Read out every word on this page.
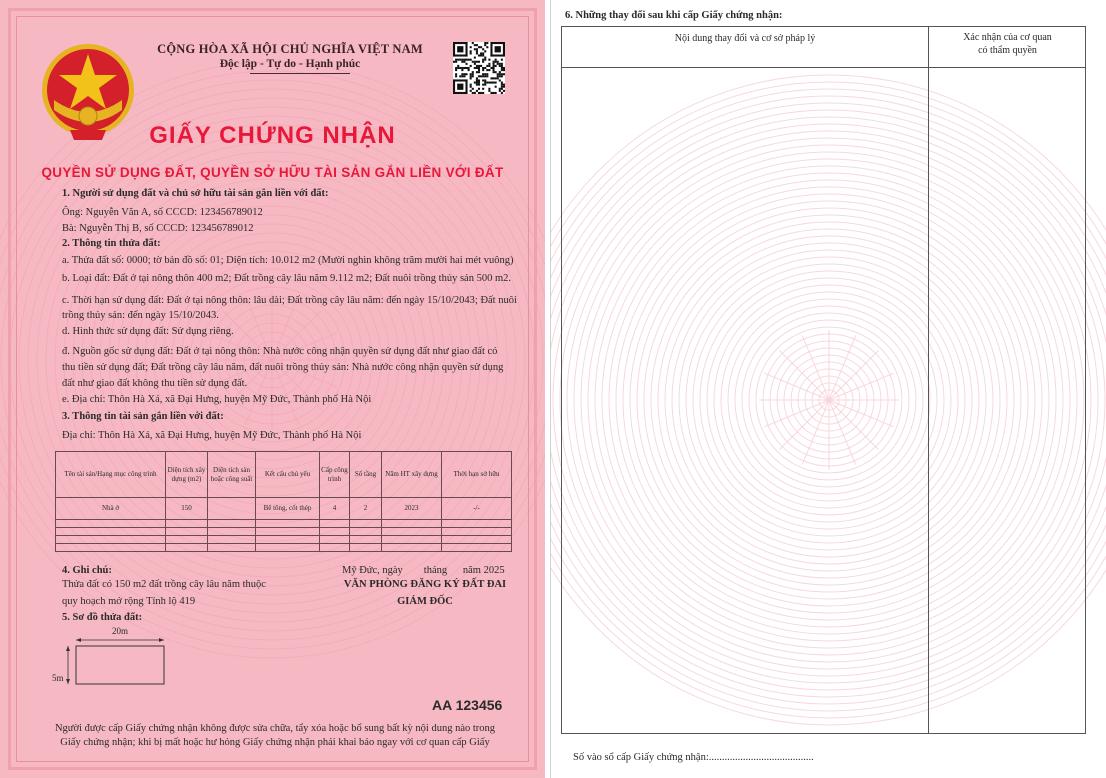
CỘNG HÒA XÃ HỘI CHỦ NGHĨA VIỆT NAM
Độc lập - Tự do - Hạnh phúc
GIẤY CHỨNG NHẬN
QUYỀN SỬ DỤNG ĐẤT, QUYỀN SỞ HỮU TÀI SẢN GẮN LIỀN VỚI ĐẤT
1. Người sử dụng đất và chủ sở hữu tài sản gắn liền với đất:
Ông: Nguyễn Văn A, số CCCD: 123456789012
Bà: Nguyễn Thị B, số CCCD: 123456789012
2. Thông tin thửa đất:
a. Thửa đất số: 0000; tờ bản đồ số: 01; Diện tích: 10.012 m2 (Mười nghìn không trăm mười hai mét vuông)
b. Loại đất: Đất ở tại nông thôn 400 m2; Đất trồng cây lâu năm 9.112 m2; Đất nuôi trồng thủy sản 500 m2.
c. Thời hạn sử dụng đất: Đất ở tại nông thôn: lâu dài; Đất trồng cây lâu năm: đến ngày 15/10/2043; Đất nuôi
trồng thủy sản: đến ngày 15/10/2043.
d. Hình thức sử dụng đất: Sử dụng riêng.
đ. Nguồn gốc sử dụng đất: Đất ở tại nông thôn: Nhà nước công nhận quyền sử dụng đất như giao đất có
thu tiền sử dụng đất; Đất trồng cây lâu năm, đất nuôi trồng thủy sản: Nhà nước công nhận quyền sử dụng
đất như giao đất không thu tiền sử dụng đất.
e. Địa chỉ: Thôn Hà Xá, xã Đại Hưng, huyện Mỹ Đức, Thành phố Hà Nội
3. Thông tin tài sản gắn liền với đất:
Địa chỉ: Thôn Hà Xá, xã Đại Hưng, huyện Mỹ Đức, Thành phố Hà Nội
Tên tài sản/Hạng mục công trình	Diện tích xây dựng (m2)	Diện tích sàn hoặc công suất	Kết cấu chủ yếu	Cấp công trình	Số tầng	Năm HT xây dựng	Thời hạn sở hữu
Nhà ở	150		Bê tông, cốt thép	4	2	2023	-/-

4. Ghi chú:
Thửa đất có 150 m2 đất trồng cây lâu năm thuộc
quy hoạch mở rộng Tỉnh lộ 419
Mỹ Đức, ngày        tháng      năm 2025
VĂN PHÒNG ĐĂNG KÝ ĐẤT ĐAI
GIÁM ĐỐC
5. Sơ đồ thửa đất:
20m
5m
AA 123456
Người được cấp Giấy chứng nhận không được sửa chữa, tẩy xóa hoặc bổ sung bất kỳ nội dung nào trong
Giấy chứng nhận; khi bị mất hoặc hư hỏng Giấy chứng nhận phải khai báo ngay với cơ quan cấp Giấy
6. Những thay đổi sau khi cấp Giấy chứng nhận:
Nội dung thay đổi và cơ sở pháp lý	Xác nhận của cơ quan
có thẩm quyền
Số vào sổ cấp Giấy chứng nhận:........................................
